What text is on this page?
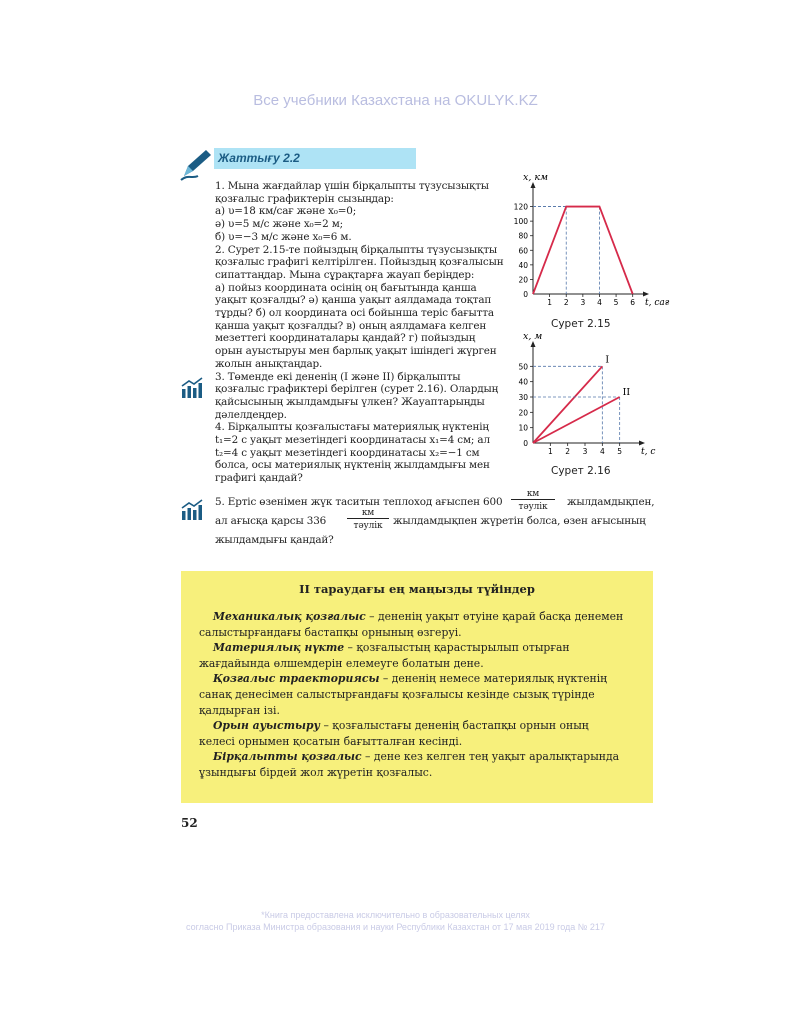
Все учебники Казахстана на OKULYK.KZ
Жаттығу 2.2
1. Мына жағдайлар үшін бірқалыпты түзусызықты
қозғалыс графиктерін сызыңдар:
а) υ=18 км/сағ және x₀=0;
ә) υ=5 м/с және x₀=2 м;
б) υ=−3 м/с және x₀=6 м.
2. Сурет 2.15-те пойыздың бірқалыпты түзусызықты
қозғалыс графигі келтірілген. Пойыздың қозғалысын
сипаттаңдар. Мына сұрақтарға жауап беріңдер:
а) пойыз координата осінің оң бағытында қанша
уақыт қозғалды? ә) қанша уақыт аялдамада тоқтап
тұрды? б) ол координата осі бойынша теріс бағытта
қанша уақыт қозғалды? в) оның аялдамаға келген
мезеттегі координаталары қандай? г) пойыздың
орын ауыстыруы мен барлық уақыт ішіндегі жүрген
жолын анықтаңдар.
3. Төменде екі дененің (I және II) бірқалыпты
қозғалыс графиктері берілген (сурет 2.16). Олардың
қайсысының жылдамдығы үлкен? Жауаптарыңды
дәлелдеңдер.
4. Бірқалыпты қозғалыстағы материялық нүктенің
t₁=2 с уақыт мезетіндегі координатасы x₁=4 см; ал
t₂=4 с уақыт мезетіндегі координатасы x₂=−1 см
болса, осы материялық нүктенің жылдамдығы мен
графигі қандай?
5. Ертіс өзенімен жүк таситын теплоход ағыспен 600
км
тәулік	жылдамдықпен,
ал ағысқа қарсы 336
км
тәулік	жылдамдықпен жүретін болса, өзен ағысының
жылдамдығы қандай?
x, км
t, сағ
1 2 3 4 5 6
0
20
40
60
80
100
120
x, м
t, с
1 2 3 4 5
0
10
20
30
40
50
I
II
II тараудағы ең маңызды түйіндер
Механикалық қозғалыс – дененің уақыт өтуіне қарай басқа денемен
салыстырғандағы бастапқы орнының өзгеруі.
Материялық нүкте – қозғалыстың қарастырылып отырған
жағдайында өлшемдерін елемеуге болатын дене.
Қозғалыс траекториясы – дененің немесе материялық нүктенің
санақ денесімен салыстырғандағы қозғалысы кезінде сызық түрінде
қалдырған ізі.
Орын ауыстыру – қозғалыстағы дененің бастапқы орнын оның
келесі орнымен қосатын бағытталған кесінді.
Бірқалыпты қозғалыс – дене кез келген тең уақыт аралықтарында
ұзындығы бірдей жол жүретін қозғалыс.
52
*Книга предоставлена исключительно в образовательных целях
согласно Приказа Министра образования и науки Республики Казахстан от 17 мая 2019 года № 217
Сурет 2.15
Сурет 2.16
